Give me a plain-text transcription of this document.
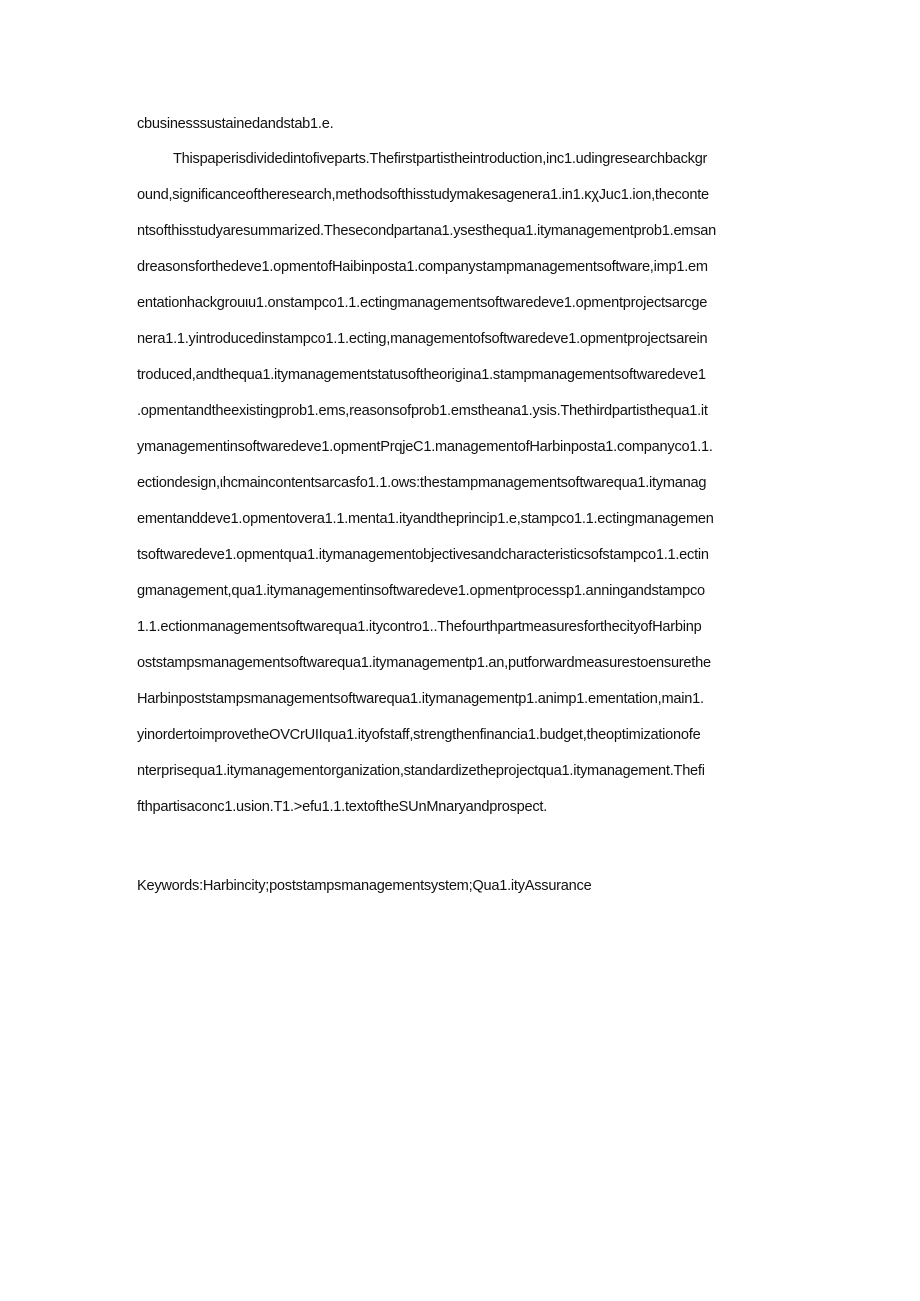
cbusinesssustainedandstab1.e.
Thispaperisdividedintofiveparts.Thefirstpartistheintroduction,inc1.udingresearchbackgr
ound,significanceoftheresearch,methodsofthisstudymakesagenera1.in1.κχJuc1.ion,theconte
ntsofthisstudyaresummarized.Thesecondpartana1.ysesthequa1.itymanagementprob1.emsan
dreasonsforthedeve1.opmentofHaibinposta1.companystampmanagementsoftware,imp1.em
entationhackgrouιu1.onstampco1.1.ectingmanagementsoftwaredeve1.opmentprojectsarcge
nera1.1.yintroducedinstampco1.1.ecting,managementofsoftwaredeve1.opmentprojectsarein
troduced,andthequa1.itymanagementstatusoftheorigina1.stampmanagementsoftwaredeve1
.opmentandtheexistingprob1.ems,reasonsofprob1.emstheana1.ysis.Thethirdpartisthequa1.it
ymanagementinsoftwaredeve1.opmentPrqjeC1.managementofHarbinposta1.companyco1.1.
ectiondesign,ιhcmaincontentsarcasfo1.1.ows:thestampmanagementsoftwarequa1.itymanag
ementanddeve1.opmentovera1.1.menta1.ityandtheprincip1.e,stampco1.1.ectingmanagemen
tsoftwaredeve1.opmentqua1.itymanagementobjectivesandcharacteristicsofstampco1.1.ectin
gmanagement,qua1.itymanagementinsoftwaredeve1.opmentprocessp1.anningandstampco
1.1.ectionmanagementsoftwarequa1.itycontro1..ThefourthpartmeasuresforthecityofHarbinp
oststampsmanagementsoftwarequa1.itymanagementp1.an,putforwardmeasurestoensurethe
Harbinpoststampsmanagementsoftwarequa1.itymanagementp1.animp1.ementation,main1.
yinordertoimprovetheOVCrUIIqua1.ityofstaff,strengthenfinancia1.budget,theoptimizationofe
nterprisequa1.itymanagementorganization,standardizetheprojectqua1.itymanagement.Thefi
fthpartisaconc1.usion.T1.>efu1.1.textoftheSUnMnaryandprospect.
Keywords:Harbincity;poststampsmanagementsystem;Qua1.ityAssurance
